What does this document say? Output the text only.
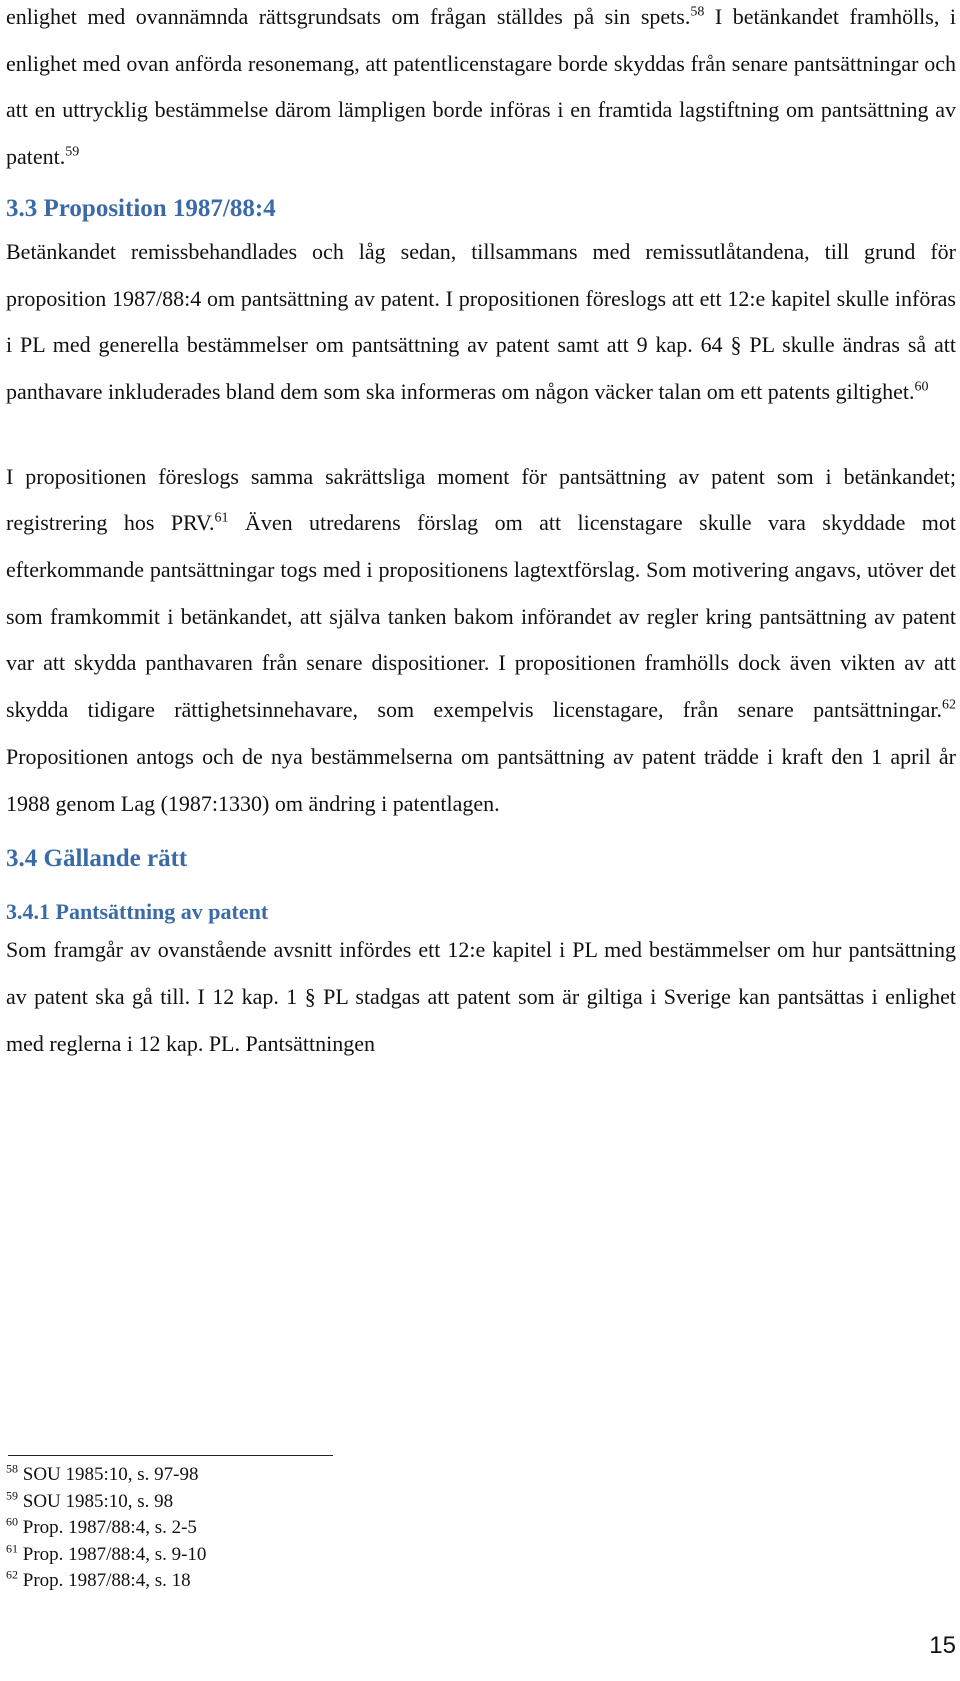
enlighet med ovannämnda rättsgrundsats om frågan ställdes på sin spets.$^{58}$ I betänkandet framhölls, i enlighet med ovan anförda resonemang, att patentlicenstagare borde skyddas från senare pantsättningar och att en uttrycklig bestämmelse därom lämpligen borde införas i en framtida lagstiftning om pantsättning av patent.$^{59}$

3.3 Proposition 1987/88:4

Betänkandet remissbehandlades och låg sedan, tillsammans med remissutlåtandena, till grund för proposition 1987/88:4 om pantsättning av patent. I propositionen föreslogs att ett 12:e kapitel skulle införas i PL med generella bestämmelser om pantsättning av patent samt att 9 kap. 64 § PL skulle ändras så att panthavare inkluderades bland dem som ska informeras om någon väcker talan om ett patents giltighet.$^{60}$

I propositionen föreslogs samma sakrättsliga moment för pantsättning av patent som i betänkandet; registrering hos PRV.$^{61}$ Även utredarens förslag om att licenstagare skulle vara skyddade mot efterkommande pantsättningar togs med i propositionens lagtextförslag. Som motivering angavs, utöver det som framkommit i betänkandet, att själva tanken bakom införandet av regler kring pantsättning av patent var att skydda panthavaren från senare dispositioner. I propositionen framhölls dock även vikten av att skydda tidigare rättighetsinnehavare, som exempelvis licenstagare, från senare pantsättningar.$^{62}$ Propositionen antogs och de nya bestämmelserna om pantsättning av patent trädde i kraft den 1 april år 1988 genom Lag (1987:1330) om ändring i patentlagen.

3.4 Gällande rätt
3.4.1 Pantsättning av patent

Som framgår av ovanstående avsnitt infördes ett 12:e kapitel i PL med bestämmelser om hur pantsättning av patent ska gå till. I 12 kap. 1 § PL stadgas att patent som är giltiga i Sverige kan pantsättas i enlighet med reglerna i 12 kap. PL. Pantsättningen

$^{58}$ SOU 1985:10, s. 97-98

$^{59}$ SOU 1985:10, s. 98

$^{60}$ Prop. 1987/88:4, s. 2-5

$^{61}$ Prop. 1987/88:4, s. 9-10

$^{62}$ Prop. 1987/88:4, s. 18

15
